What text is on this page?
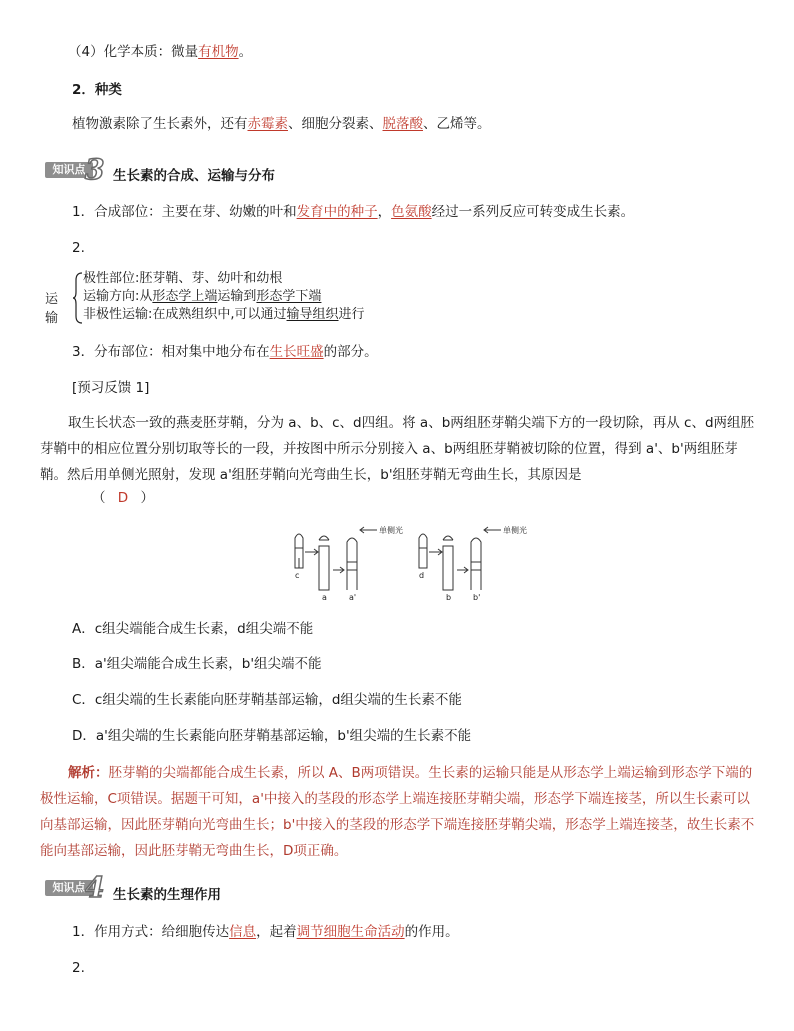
（4）化学本质：微量有机物。
2．种类
植物激素除了生长素外，还有赤霉素、细胞分裂素、脱落酸、乙烯等。
知识点 3 生长素的合成、运输与分布
1．合成部位：主要在芽、幼嫩的叶和发育中的种子，色氨酸经过一系列反应可转变成生长素。
2.
运输
极性部位:胚芽鞘、芽、幼叶和幼根
运输方向:从形态学上端运输到形态学下端
非极性运输:在成熟组织中,可以通过输导组织进行
3．分布部位：相对集中地分布在生长旺盛的部分。
[预习反馈 1]
取生长状态一致的燕麦胚芽鞘，分为 a、b、c、d四组。将 a、b两组胚芽鞘尖端下方的一段切除，再从 c、d两组胚芽鞘中的相应位置分别切取等长的一段，并按图中所示分别接入 a、b两组胚芽鞘被切除的位置，得到 a'、b'两组胚芽鞘。然后用单侧光照射，发现 a'组胚芽鞘向光弯曲生长，b'组胚芽鞘无弯曲生长，其原因是
（ D ）
单侧光	单侧光
c
a	a'
d
b	b'
A．c组尖端能合成生长素，d组尖端不能
B．a'组尖端能合成生长素，b'组尖端不能
C．c组尖端的生长素能向胚芽鞘基部运输，d组尖端的生长素不能
D．a'组尖端的生长素能向胚芽鞘基部运输，b'组尖端的生长素不能
解析：胚芽鞘的尖端都能合成生长素，所以 A、B两项错误。生长素的运输只能是从形态学上端运输到形态学下端的极性运输，C项错误。据题干可知，a'中接入的茎段的形态学上端连接胚芽鞘尖端，形态学下端连接茎，所以生长素可以向基部运输，因此胚芽鞘向光弯曲生长；b'中接入的茎段的形态学下端连接胚芽鞘尖端，形态学上端连接茎，故生长素不能向基部运输，因此胚芽鞘无弯曲生长，D项正确。
知识点 4 生长素的生理作用
1．作用方式：给细胞传达信息，起着调节细胞生命活动的作用。
2.
